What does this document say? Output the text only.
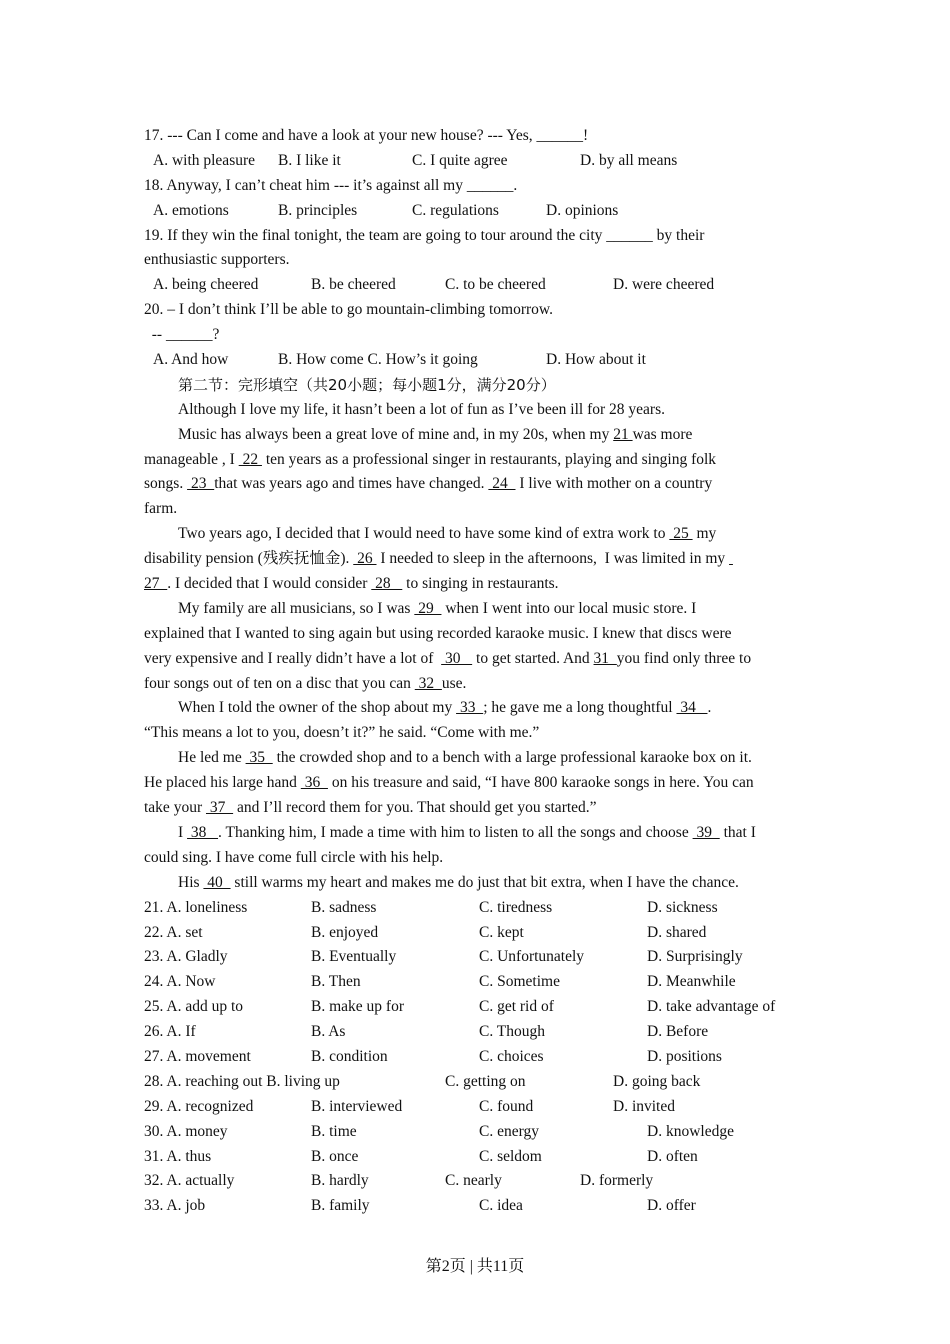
17. --- Can I come and have a look at your new house? --- Yes, ______!
A. with pleasure B. I like it	C. I quite agree	D. by all means
18. Anyway, I can’t cheat him --- it’s against all my ______.
A. emotions	B. principles	C. regulations	D. opinions
19. If they win the final tonight, the team are going to tour around the city ______ by their
enthusiastic supporters.
A. being cheered	B. be cheered	C. to be cheered	D. were cheered
20. – I don’t think I’ll be able to go mountain-climbing tomorrow.
-- ______?
A. And how	B. How come C. How’s it going	D. How about it
第二节：完形填空（共20小题；每小题1分，满分20分）
Although I love my life, it hasn’t been a lot of fun as I’ve been ill for 28 years.
Music has always been a great love of mine and, in my 20s, when my 21 was more
manageable , I  22  ten years as a professional singer in restaurants, playing and singing folk
songs.  23  that was years ago and times have changed.  24   I live with mother on a country
farm.
Two years ago, I decided that I would need to have some kind of extra work to  25  my
disability pension (残疾抚恤金).  26  I needed to sleep in the afternoons,  I was limited in my
27  . I decided that I would consider  28    to singing in restaurants.
My family are all musicians, so I was  29   when I went into our local music store. I
explained that I wanted to sing again but using recorded karaoke music. I knew that discs were
very expensive and I really didn’t have a lot of   30    to get started. And 31  you find only three to
four songs out of ten on a disc that you can  32  use.
When I told the owner of the shop about my  33  ; he gave me a long thoughtful  34   .
“This means a lot to you, doesn’t it?” he said. “Come with me.”
He led me  35   the crowded shop and to a bench with a large professional karaoke box on it.
He placed his large hand  36   on his treasure and said, “I have 800 karaoke songs in here. You can
take your  37   and I’ll record them for you. That should get you started.”
I  38   . Thanking him, I made a time with him to listen to all the songs and choose  39   that I
could sing. I have come full circle with his help.
His  40   still warms my heart and makes me do just that bit extra, when I have the chance.
21. A. loneliness	B. sadness	C. tiredness	D. sickness
22. A. set	B. enjoyed	C. kept	D. shared
23. A. Gladly	B. Eventually	C. Unfortunately	D. Surprisingly
24. A. Now	B. Then	C. Sometime	D. Meanwhile
25. A. add up to	B. make up for	C. get rid of	D. take advantage of
26. A. If	B. As	C. Though	D. Before
27. A. movement	B. condition	C. choices	D. positions
28. A. reaching out B. living up	C. getting on	D. going back
29. A. recognized	B. interviewed	C. found	D. invited
30. A. money	B. time	C. energy	D. knowledge
31. A. thus	B. once	C. seldom	D. often
32. A. actually	B. hardly	C. nearly	D. formerly
33. A. job	B. family	C. idea	D. offer
第2页 | 共11页
